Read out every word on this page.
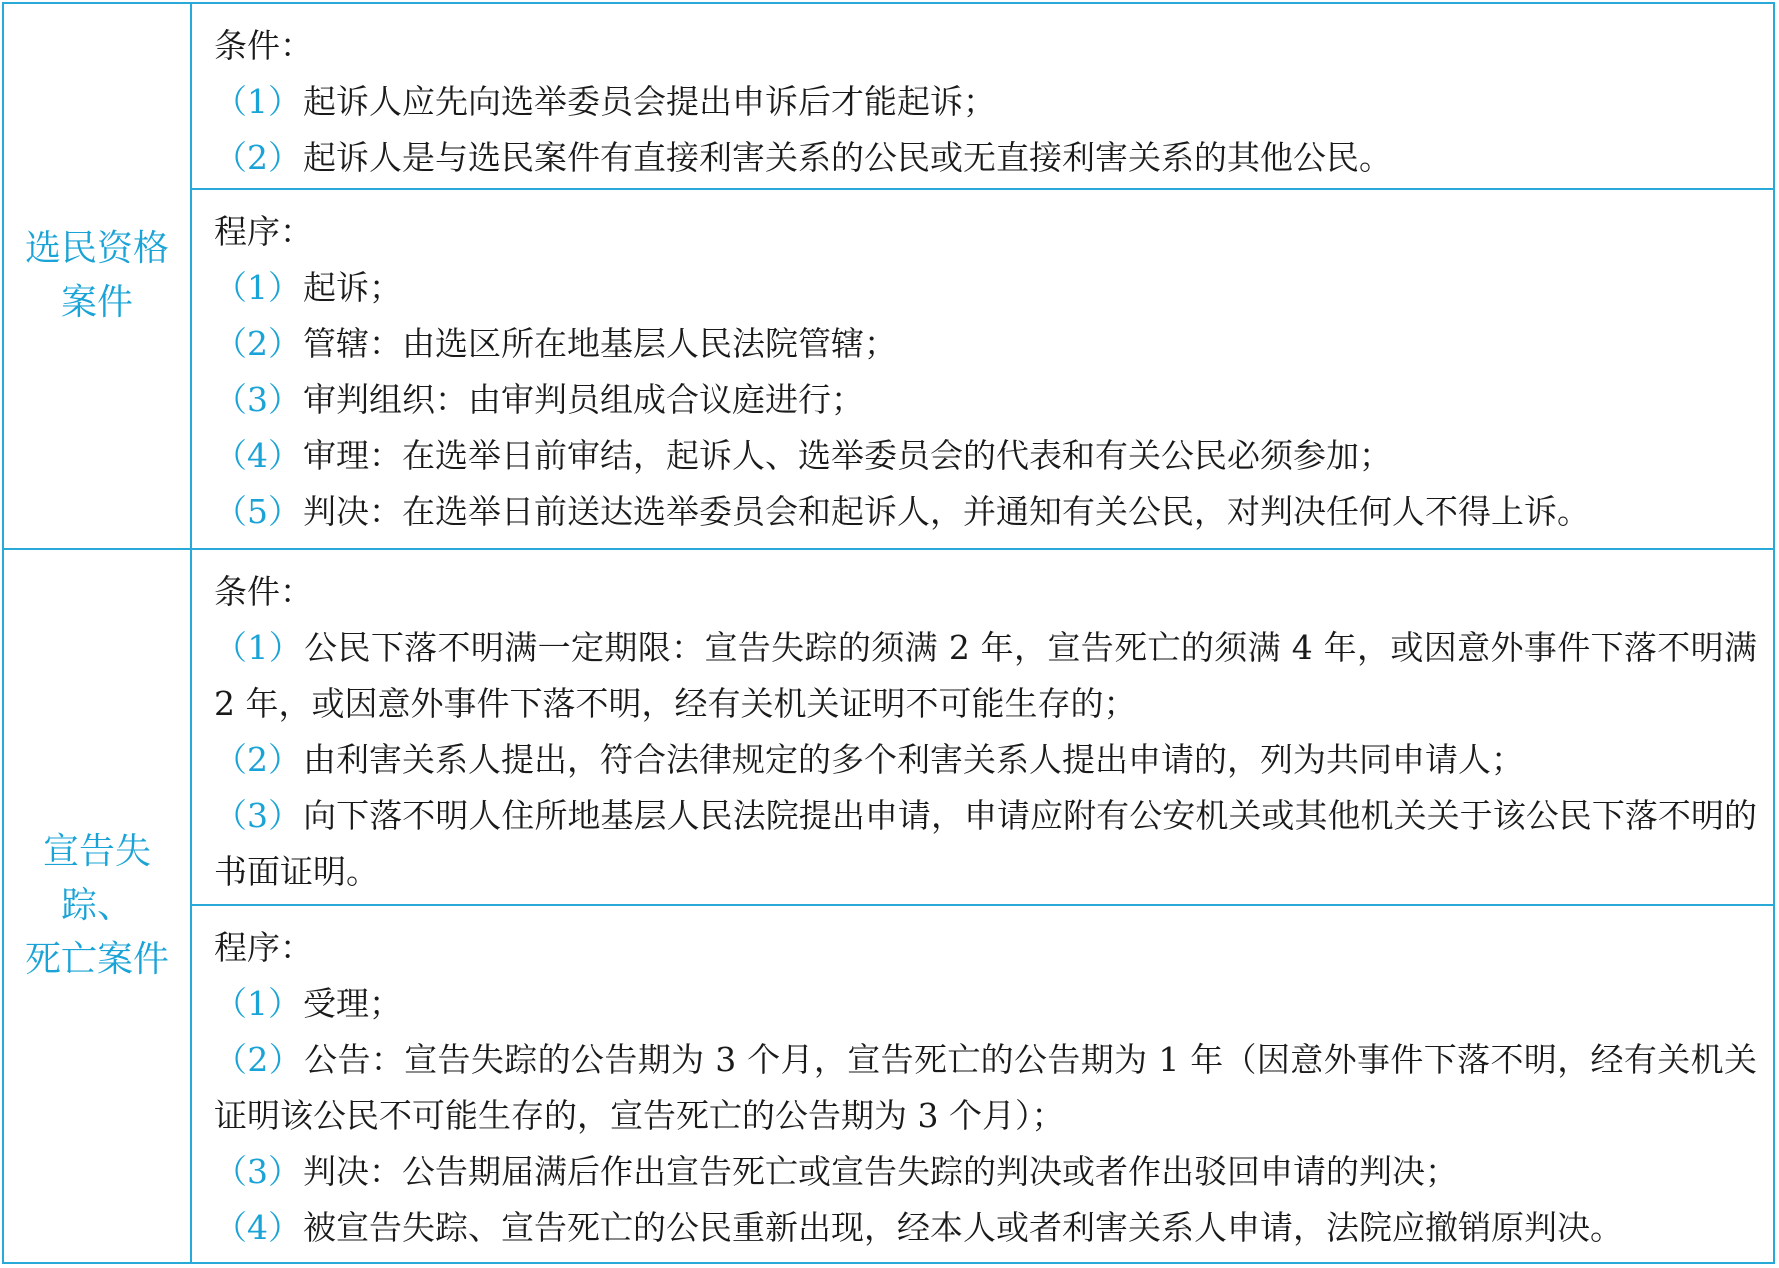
选民资格
案件
条件：
（1）起诉人应先向选举委员会提出申诉后才能起诉；
（2）起诉人是与选民案件有直接利害关系的公民或无直接利害关系的其他公民。
程序：
（1）起诉；
（2）管辖：由选区所在地基层人民法院管辖；
（3）审判组织：由审判员组成合议庭进行；
（4）审理：在选举日前审结，起诉人、选举委员会的代表和有关公民必须参加；
（5）判决：在选举日前送达选举委员会和起诉人，并通知有关公民，对判决任何人不得上诉。
宣告失踪、
死亡案件
条件：
（1）公民下落不明满一定期限：宣告失踪的须满 2 年，宣告死亡的须满 4 年，或因意外事件下落不明满 2 年，或因意外事件下落不明，经有关机关证明不可能生存的；
（2）由利害关系人提出，符合法律规定的多个利害关系人提出申请的，列为共同申请人；
（3）向下落不明人住所地基层人民法院提出申请，申请应附有公安机关或其他机关关于该公民下落不明的书面证明。
程序：
（1）受理；
（2）公告：宣告失踪的公告期为 3 个月，宣告死亡的公告期为 1 年（因意外事件下落不明，经有关机关证明该公民不可能生存的，宣告死亡的公告期为 3 个月）；
（3）判决：公告期届满后作出宣告死亡或宣告失踪的判决或者作出驳回申请的判决；
（4）被宣告失踪、宣告死亡的公民重新出现，经本人或者利害关系人申请，法院应撤销原判决。
